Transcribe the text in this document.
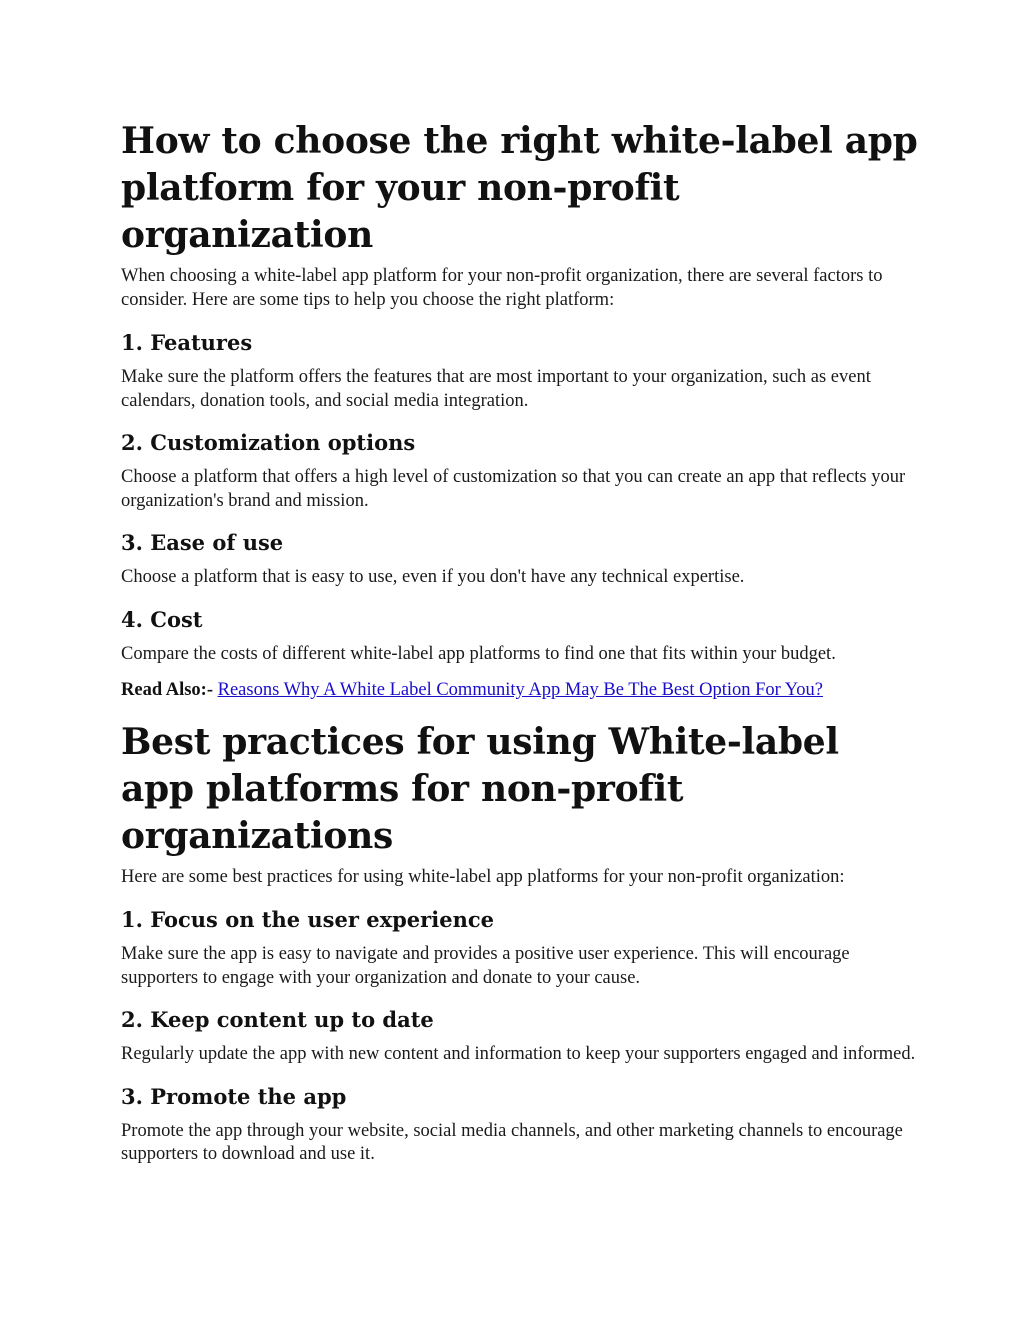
How to choose the right white-label app platform for your non-profit organization

When choosing a white-label app platform for your non-profit organization, there are several factors to consider. Here are some tips to help you choose the right platform:

1. Features

Make sure the platform offers the features that are most important to your organization, such as event calendars, donation tools, and social media integration.

2. Customization options

Choose a platform that offers a high level of customization so that you can create an app that reflects your organization's brand and mission.

3. Ease of use

Choose a platform that is easy to use, even if you don't have any technical expertise.

4. Cost

Compare the costs of different white-label app platforms to find one that fits within your budget.

Read Also:- Reasons Why A White Label Community App May Be The Best Option For You?
Best practices for using White-label app platforms for non-profit organizations

Here are some best practices for using white-label app platforms for your non-profit organization:

1. Focus on the user experience

Make sure the app is easy to navigate and provides a positive user experience. This will encourage supporters to engage with your organization and donate to your cause.

2. Keep content up to date

Regularly update the app with new content and information to keep your supporters engaged and informed.

3. Promote the app

Promote the app through your website, social media channels, and other marketing channels to encourage supporters to download and use it.
